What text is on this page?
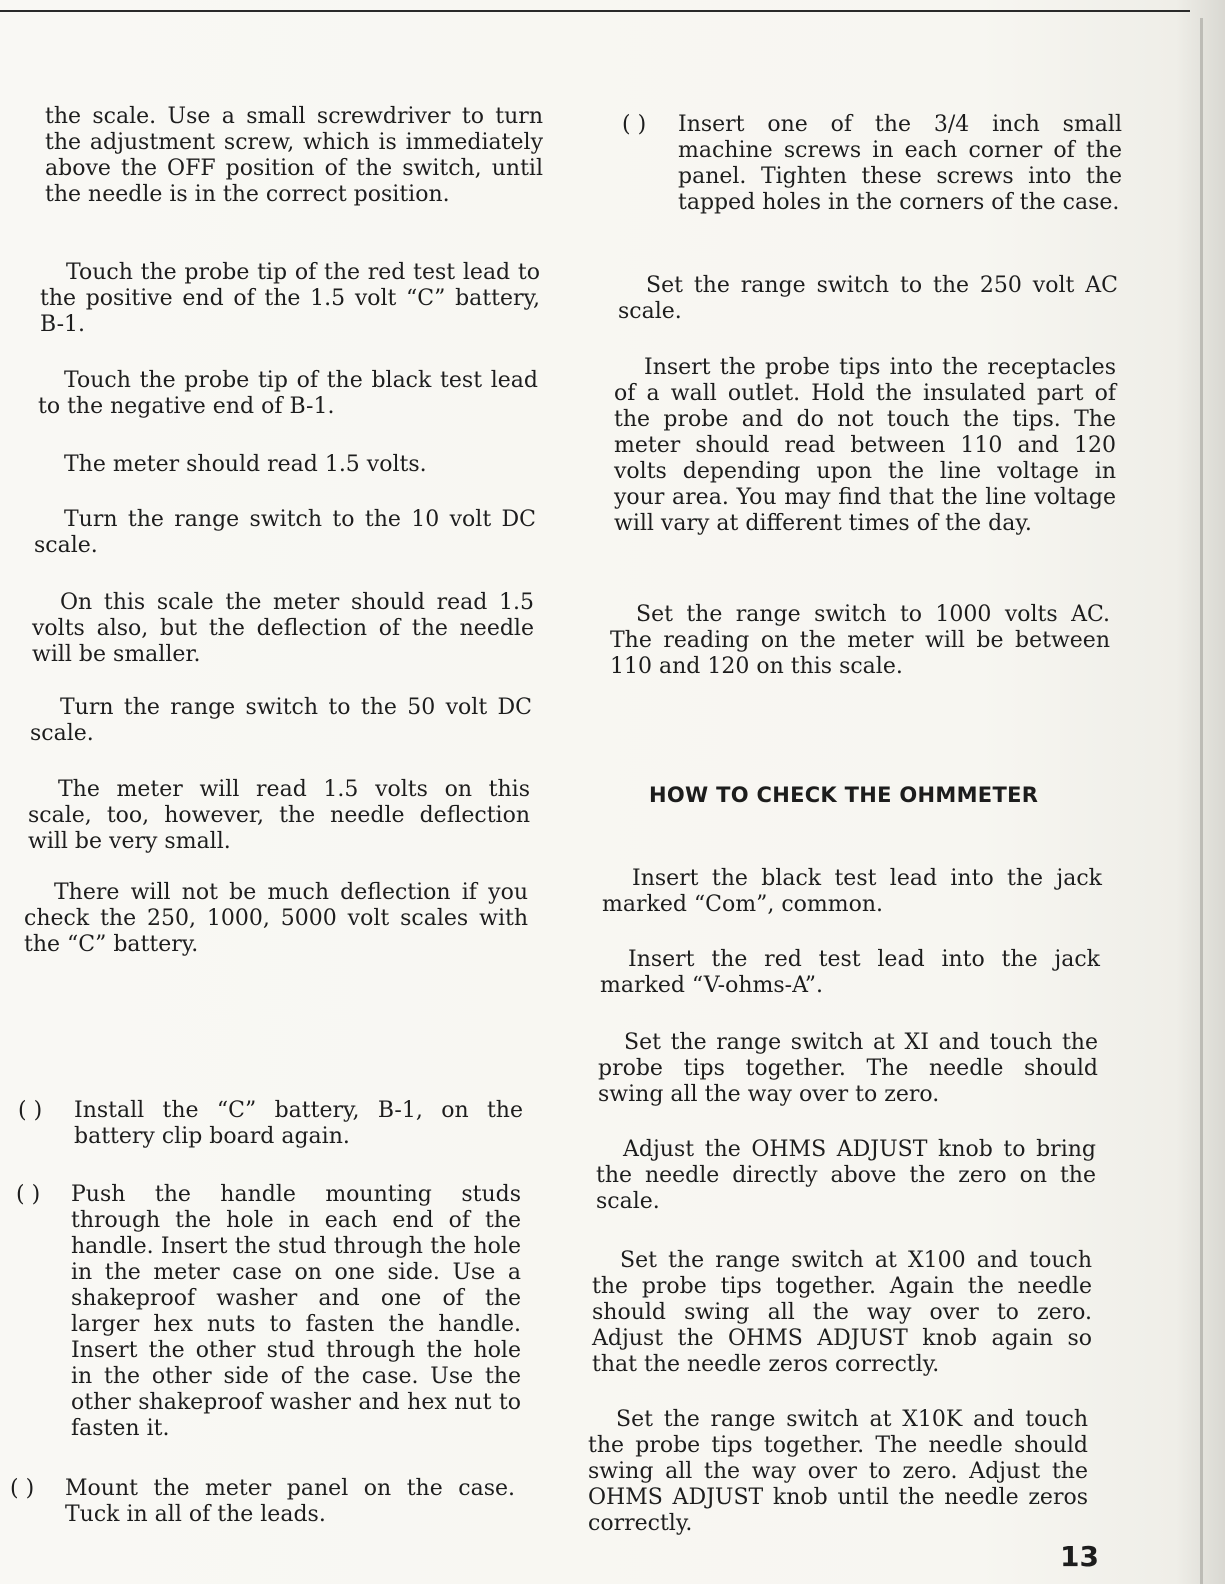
the scale. Use a small screwdriver to turn the adjustment screw, which is immediately above the OFF position of the switch, until the needle is in the correct position.

Touch the probe tip of the red test lead to the positive end of the 1.5 volt “C” battery, B-1.

Touch the probe tip of the black test lead to the negative end of B-1.

The meter should read 1.5 volts.

Turn the range switch to the 10 volt DC scale.

On this scale the meter should read 1.5 volts also, but the deflection of the needle will be smaller.

Turn the range switch to the 50 volt DC scale.

The meter will read 1.5 volts on this scale, too, however, the needle deflection will be very small.

There will not be much deflection if you check the 250, 1000, 5000 volt scales with the “C” battery.

( )	Install the “C” battery, B-1, on the battery clip board again.
( )	Push the handle mounting studs through the hole in each end of the handle. Insert the stud through the hole in the meter case on one side. Use a shakeproof washer and one of the larger hex nuts to fasten the handle. Insert the other stud through the hole in the other side of the case. Use the other shakeproof washer and hex nut to fasten it.
( )	Mount the meter panel on the case. Tuck in all of the leads.
( )	Insert one of the 3/4 inch small machine screws in each corner of the panel. Tighten these screws into the tapped holes in the corners of the case.

Set the range switch to the 250 volt AC scale.

Insert the probe tips into the receptacles of a wall outlet. Hold the insulated part of the probe and do not touch the tips. The meter should read between 110 and 120 volts depending upon the line voltage in your area. You may find that the line voltage will vary at different times of the day.

Set the range switch to 1000 volts AC. The reading on the meter will be between 110 and 120 on this scale.

HOW TO CHECK THE OHMMETER

Insert the black test lead into the jack marked “Com”, common.

Insert the red test lead into the jack marked “V-ohms-A”.

Set the range switch at XI and touch the probe tips together. The needle should swing all the way over to zero.

Adjust the OHMS ADJUST knob to bring the needle directly above the zero on the scale.

Set the range switch at X100 and touch the probe tips together. Again the needle should swing all the way over to zero. Adjust the OHMS ADJUST knob again so that the needle zeros correctly.

Set the range switch at X10K and touch the probe tips together. The needle should swing all the way over to zero. Adjust the OHMS ADJUST knob until the needle zeros correctly.

13
